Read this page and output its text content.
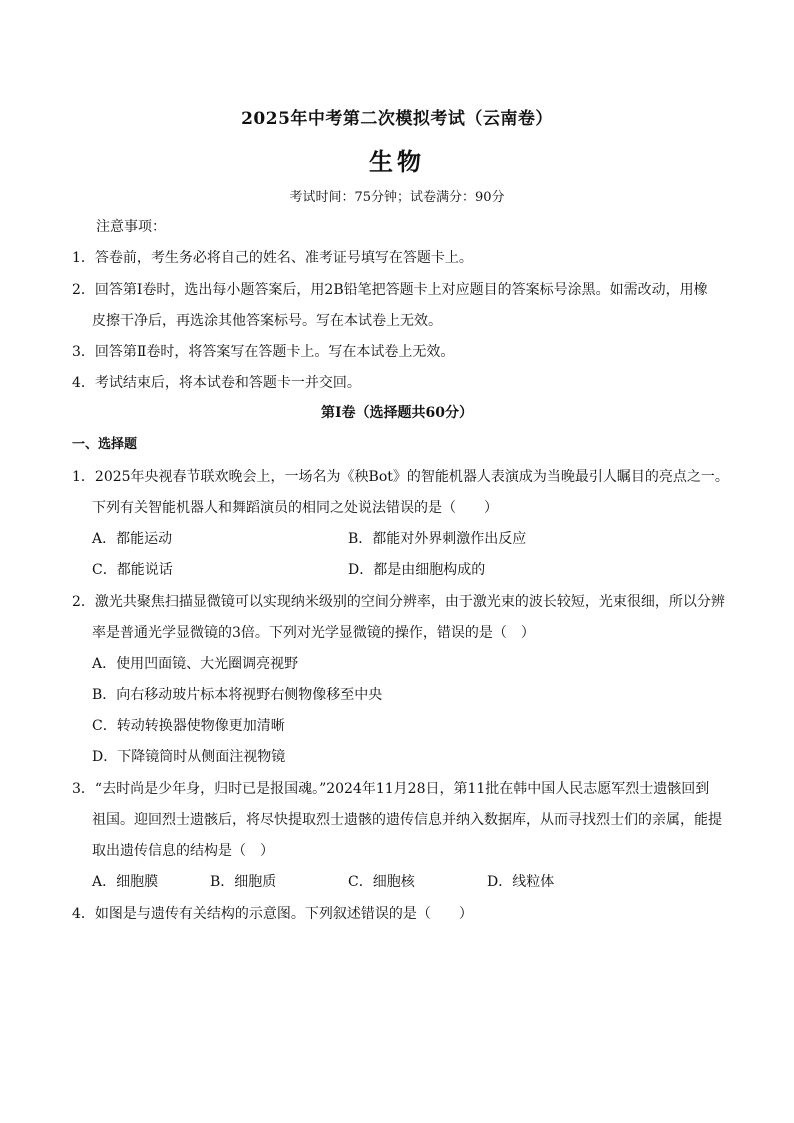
2025年中考第二次模拟考试（云南卷）
生物
考试时间：75分钟；试卷满分：90分
注意事项：
1．答卷前，考生务必将自己的姓名、准考证号填写在答题卡上。
2．回答第Ⅰ卷时，选出每小题答案后，用2B铅笔把答题卡上对应题目的答案标号涂黑。如需改动，用橡
皮擦干净后，再选涂其他答案标号。写在本试卷上无效。
3．回答第Ⅱ卷时，将答案写在答题卡上。写在本试卷上无效。
4．考试结束后，将本试卷和答题卡一并交回。
第Ⅰ卷（选择题共60分）
一、选择题
1．2025年央视春节联欢晚会上，一场名为《秧Bot》的智能机器人表演成为当晚最引人瞩目的亮点之一。
下列有关智能机器人和舞蹈演员的相同之处说法错误的是（　　）
A．都能运动	B．都能对外界刺激作出反应
C．都能说话	D．都是由细胞构成的
2．激光共聚焦扫描显微镜可以实现纳米级别的空间分辨率，由于激光束的波长较短，光束很细，所以分辨
率是普通光学显微镜的3倍。下列对光学显微镜的操作，错误的是（　）
A．使用凹面镜、大光圈调亮视野
B．向右移动玻片标本将视野右侧物像移至中央
C．转动转换器使物像更加清晰
D．下降镜筒时从侧面注视物镜
3．“去时尚是少年身，归时已是报国魂。”2024年11月28日，第11批在韩中国人民志愿军烈士遗骸回到
祖国。迎回烈士遗骸后，将尽快提取烈士遗骸的遗传信息并纳入数据库，从而寻找烈士们的亲属，能提
取出遗传信息的结构是（　）
A．细胞膜	B．细胞质	C．细胞核	D．线粒体
4．如图是与遗传有关结构的示意图。下列叙述错误的是（　　）
